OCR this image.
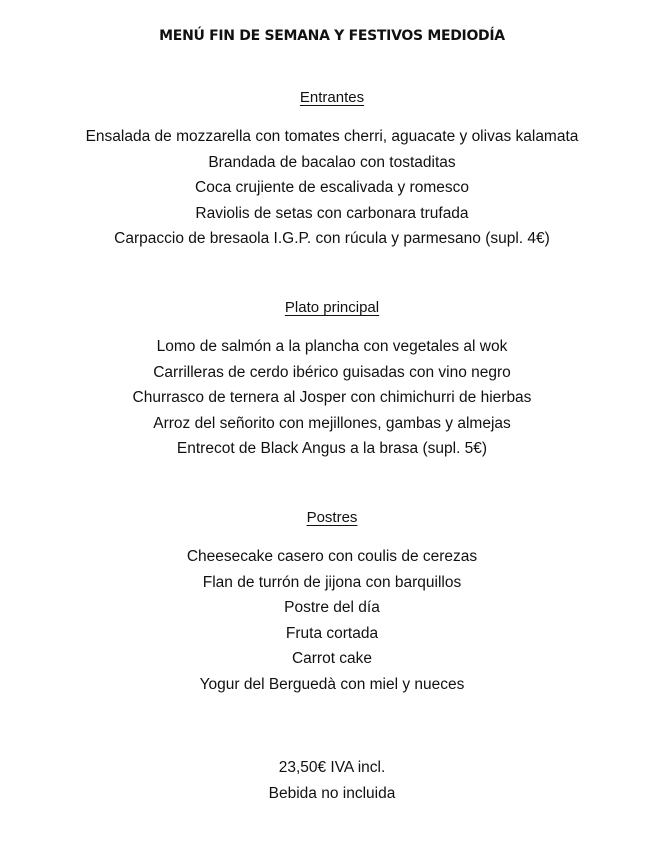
MENÚ FIN DE SEMANA Y FESTIVOS MEDIODÍA
Entrantes
Ensalada de mozzarella con tomates cherri, aguacate y olivas kalamata
Brandada de bacalao con tostaditas
Coca crujiente de escalivada y romesco
Raviolis de setas con carbonara trufada
Carpaccio de bresaola I.G.P. con rúcula y parmesano (supl. 4€)
Plato principal
Lomo de salmón a la plancha con vegetales al wok
Carrilleras de cerdo ibérico guisadas con vino negro
Churrasco de ternera al Josper con chimichurri de hierbas
Arroz del señorito con mejillones, gambas y almejas
Entrecot de Black Angus a la brasa (supl. 5€)
Postres
Cheesecake casero con coulis de cerezas
Flan de turrón de jijona con barquillos
Postre del día
Fruta cortada
Carrot cake
Yogur del Berguedà con miel y nueces
23,50€ IVA incl.
Bebida no incluida
